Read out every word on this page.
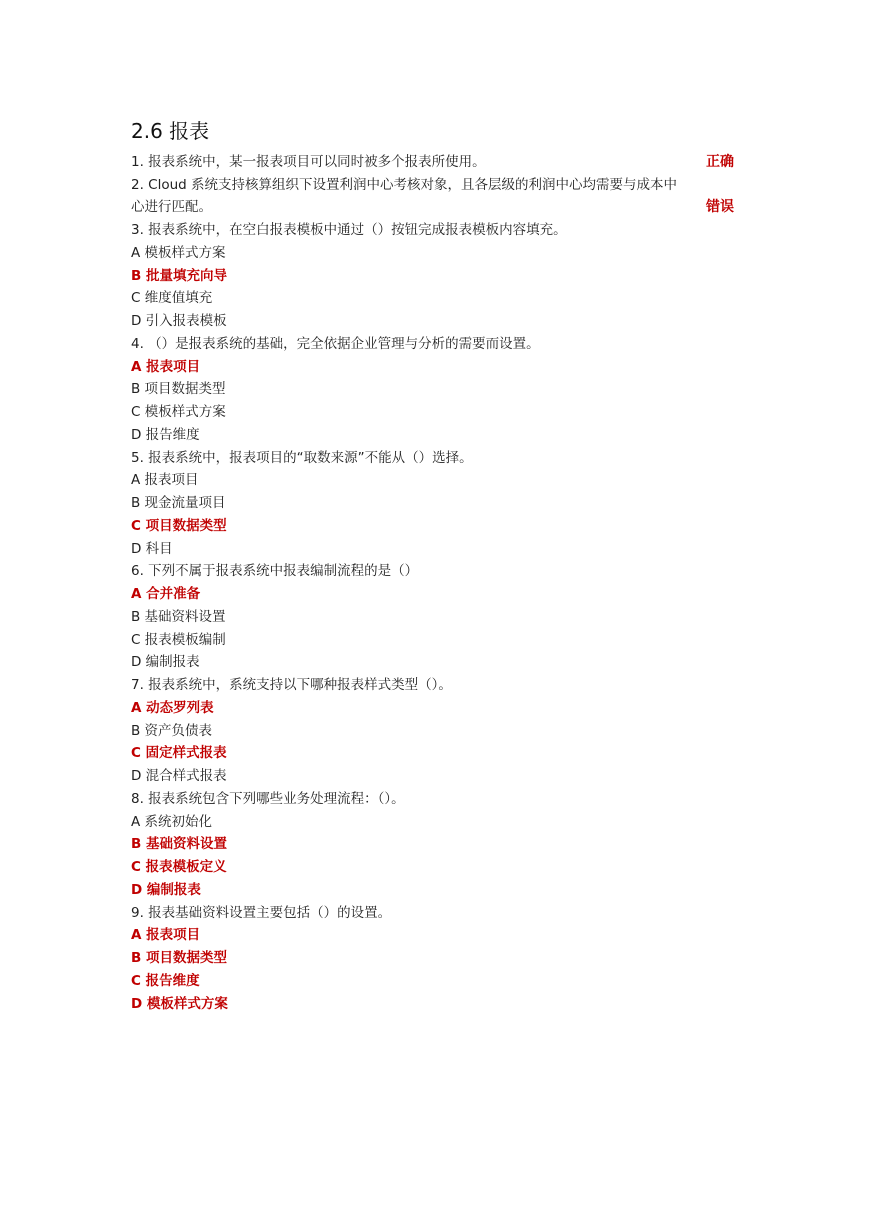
2.6 报表
1. 报表系统中，某一报表项目可以同时被多个报表所使用。	正确
2. Cloud 系统支持核算组织下设置利润中心考核对象，且各层级的利润中心均需要与成本中
心进行匹配。	错误
3. 报表系统中，在空白报表模板中通过（）按钮完成报表模板内容填充。
A 模板样式方案
B 批量填充向导
C 维度值填充
D 引入报表模板
4. （）是报表系统的基础，完全依据企业管理与分析的需要而设置。
A 报表项目
B 项目数据类型
C 模板样式方案
D 报告维度
5. 报表系统中，报表项目的“取数来源”不能从（）选择。
A 报表项目
B 现金流量项目
C 项目数据类型
D 科目
6. 下列不属于报表系统中报表编制流程的是（）
A 合并准备
B 基础资料设置
C 报表模板编制
D 编制报表
7. 报表系统中，系统支持以下哪种报表样式类型（）。
A 动态罗列表
B 资产负债表
C 固定样式报表
D 混合样式报表
8. 报表系统包含下列哪些业务处理流程：（）。
A 系统初始化
B 基础资料设置
C 报表模板定义
D 编制报表
9. 报表基础资料设置主要包括（）的设置。
A 报表项目
B 项目数据类型
C 报告维度
D 模板样式方案
